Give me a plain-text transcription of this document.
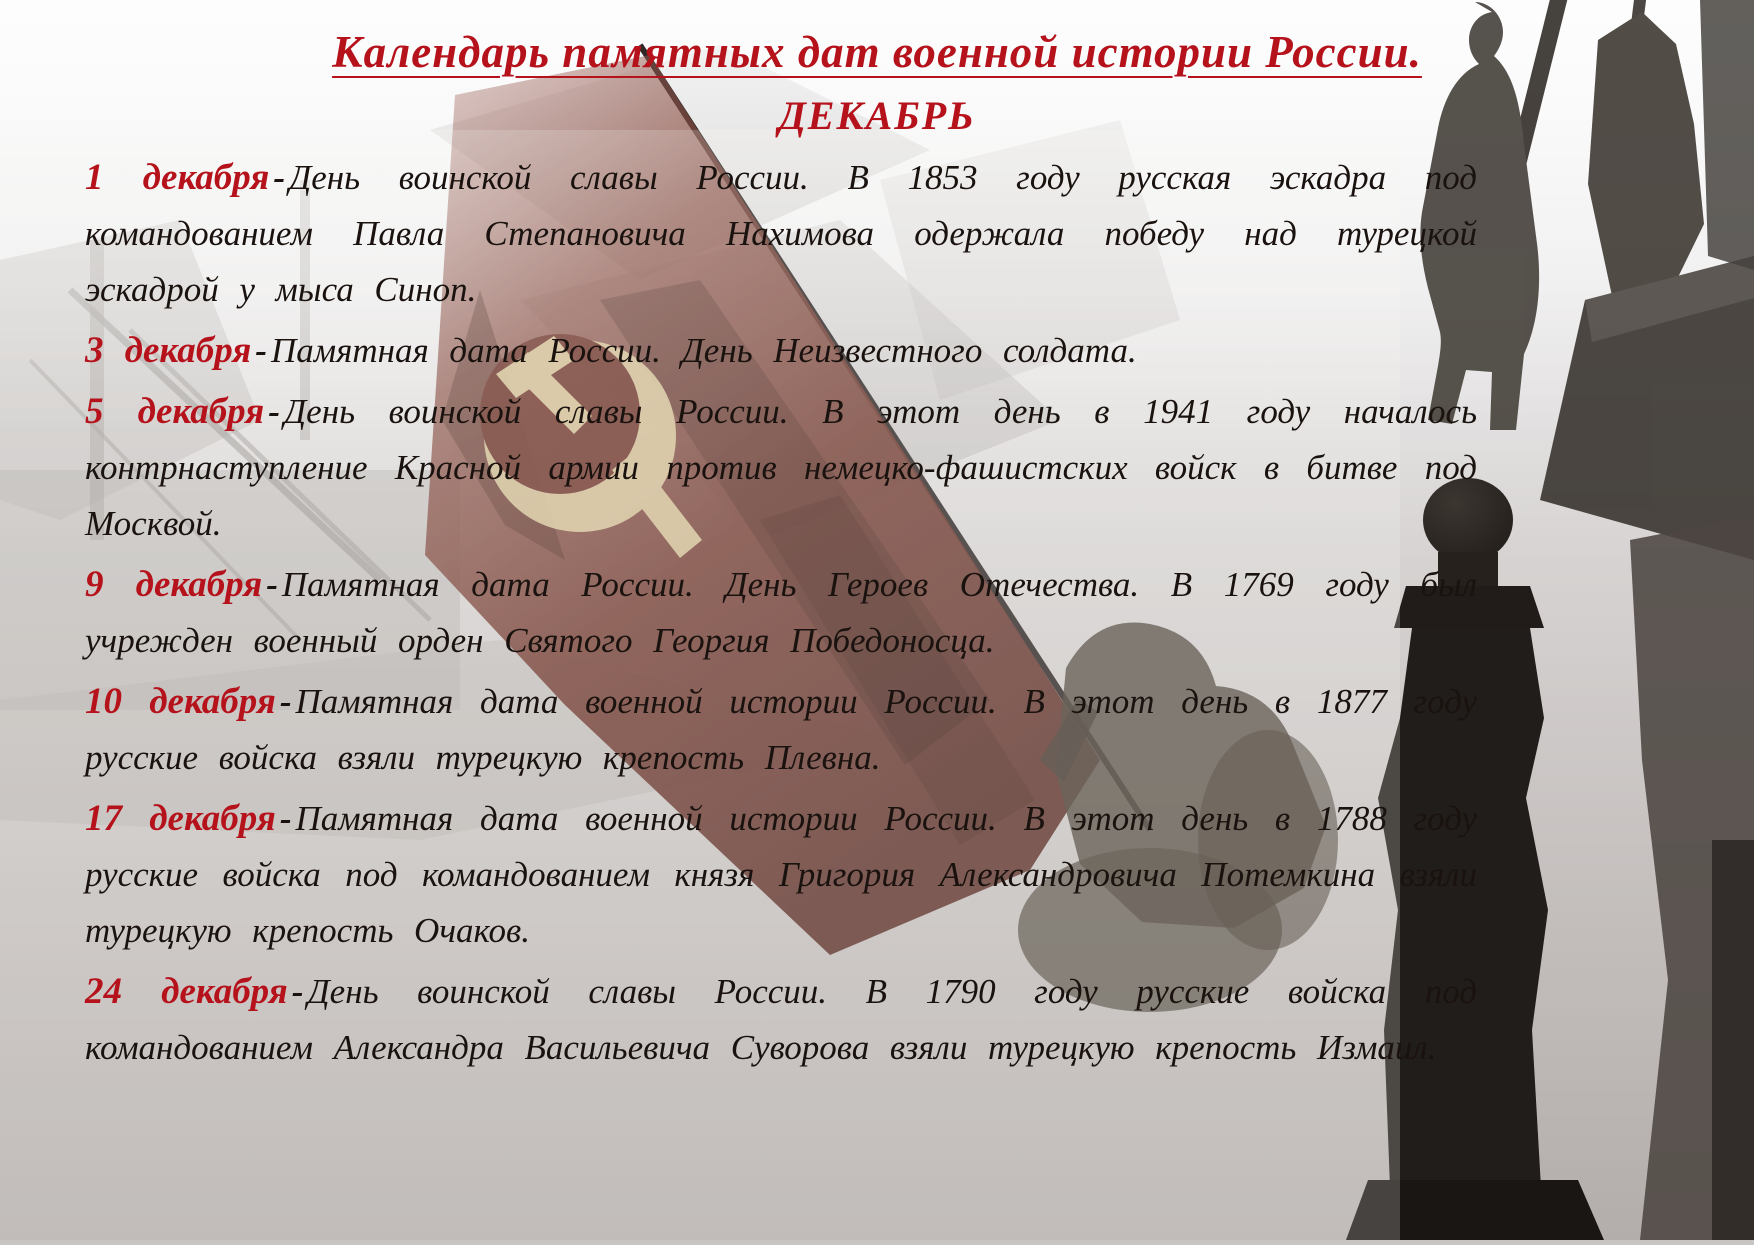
Календарь памятных дат военной истории России.
ДЕКАБРЬ

1 декабря - День воинской славы России. В 1853 году русская эскадра под командованием Павла Степановича Нахимова одержала победу над турецкой эскадрой у мыса Синоп.

3 декабря - Памятная дата России. День Неизвестного солдата.

5 декабря - День воинской славы России. В этот день в 1941 году началось контрнаступление Красной армии против немецко-фашистских войск в битве под Москвой.

9 декабря - Памятная дата России. День Героев Отечества. В 1769 году был учрежден военный орден Святого Георгия Победоносца.

10 декабря - Памятная дата военной истории России. В этот день в 1877 году русские войска взяли турецкую крепость Плевна.

17 декабря - Памятная дата военной истории России. В этот день в 1788 году русские войска под командованием князя Григория Александровича Потемкина взяли турецкую крепость Очаков.

24 декабря - День воинской славы России. В 1790 году русские войска под командованием Александра Васильевича Суворова взяли турецкую крепость Измаил.
